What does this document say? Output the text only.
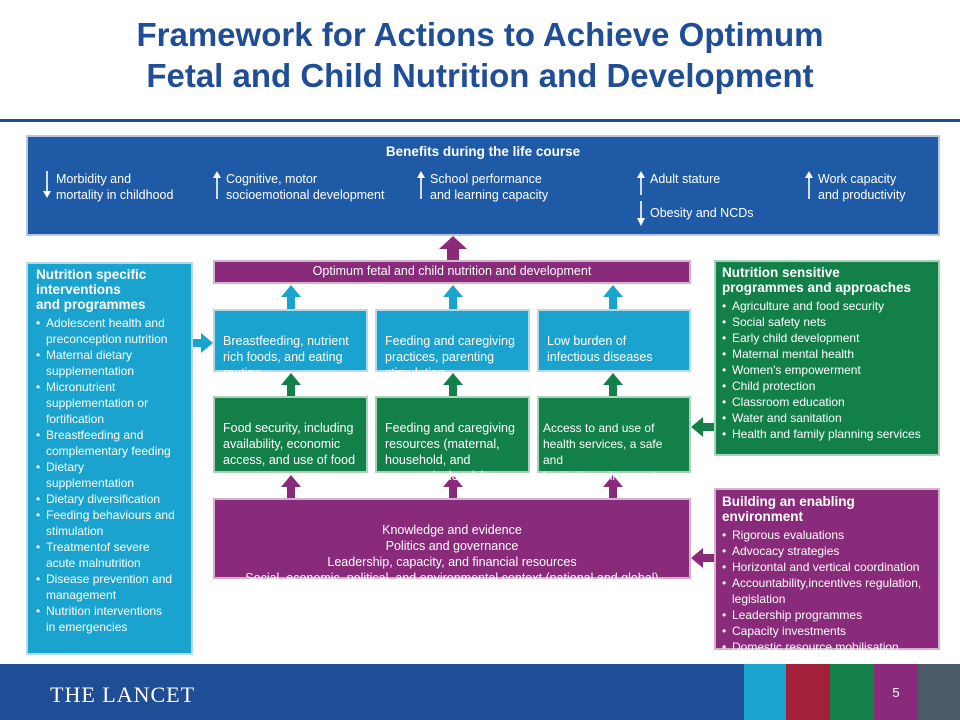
Framework for Actions to Achieve Optimum
Fetal and Child Nutrition and Development
Benefits during the life course
Morbidity and
mortality in childhood
Cognitive, motor
socioemotional development
School performance
and learning capacity
Adult stature
Obesity and NCDs
Work capacity
and productivity
Nutrition specific
interventions
and programmes
• Adolescent health and
preconception nutrition
• Maternal dietary
supplementation
• Micronutrient
supplementation or
fortification
• Breastfeeding and
complementary feeding
• Dietary
supplementation
• Dietary diversification
• Feeding behaviours and
stimulation
• Treatmentof severe
acute malnutrition
• Disease prevention and
management
• Nutrition interventions
in emergencies
Optimum fetal and child nutrition and development

Breastfeeding, nutrient
rich foods, and eating
routine

Feeding and caregiving
practices, parenting
stimulation

Low burden of
infectious diseases

Food security, including
availability, economic
access, and use of food

Feeding and caregiving
resources (maternal,
household, and
community levels)

Access to and use of
health services, a safe and
hygienic environment

Knowledge and evidence
Politics and governance
Leadership, capacity, and financial resources
Social, economic, political, and environmental context (national and global)

Nutrition sensitive
programmes and approaches
• Agriculture and food security
• Social safety nets
• Early child development
• Maternal mental health
• Women's empowerment
• Child protection
• Classroom education
• Water and sanitation
• Health and family planning services
Building an enabling environment
• Rigorous evaluations
• Advocacy strategies
• Horizontal and vertical coordination
• Accountability,incentives regulation,
legislation
• Leadership programmes
• Capacity investments
• Domestic resource mobilisation
THE LANCET	5
